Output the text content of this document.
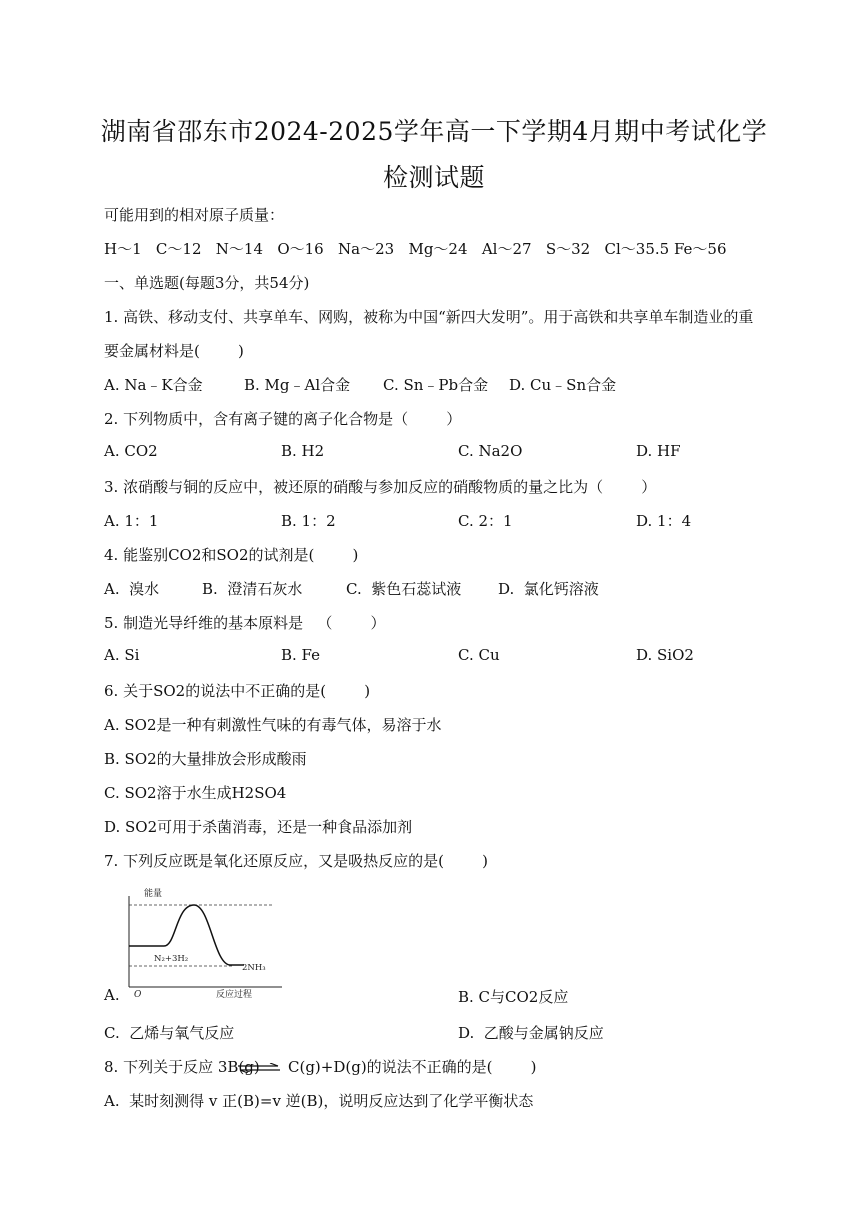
湖南省邵东市2024-2025学年高一下学期4月期中考试化学
检测试题
可能用到的相对原子质量：
H～1   C～12   N～14   O～16   Na～23   Mg～24   Al～27   S～32   Cl～35.5 Fe～56
一、单选题(每题3分，共54分)
1. 高铁、移动支付、共享单车、网购，被称为中国“新四大发明”。用于高铁和共享单车制造业的重
要金属材料是(        )
A. Na﹣K合金	B. Mg﹣Al合金 C. Sn﹣Pb合金 D. Cu﹣Sn合金
2. 下列物质中，含有离子键的离子化合物是（        ）
A. CO2	B. H2	C. Na2O	D. HF
3. 浓硝酸与铜的反应中，被还原的硝酸与参加反应的硝酸物质的量之比为（        ）
A. 1：1	B. 1：2	C. 2：1	D. 1：4
4. 能鉴别CO2和SO2的试剂是(        )
A.  溴水	B.  澄清石灰水	C.  紫色石蕊试液 D.  氯化钙溶液
5. 制造光导纤维的基本原料是   （        ）
A. Si	B. Fe	C. Cu	D. SiO2
6. 关于SO2的说法中不正确的是(        )
A. SO2是一种有刺激性气味的有毒气体，易溶于水
B. SO2的大量排放会形成酸雨
C. SO2溶于水生成H2SO4
D. SO2可用于杀菌消毒，还是一种食品添加剂
7. 下列反应既是氧化还原反应，又是吸热反应的是(        )
能量
N₂+3H₂
2NH₃
O	反应过程
A.	B. C与CO2反应
C.  乙烯与氧气反应	D.  乙酸与金属钠反应
8. 下列关于反应 3B(g) ⇌ C(g)+D(g)的说法不正确的是(        )
A.  某时刻测得 v 正(B)=v 逆(B)，说明反应达到了化学平衡状态
